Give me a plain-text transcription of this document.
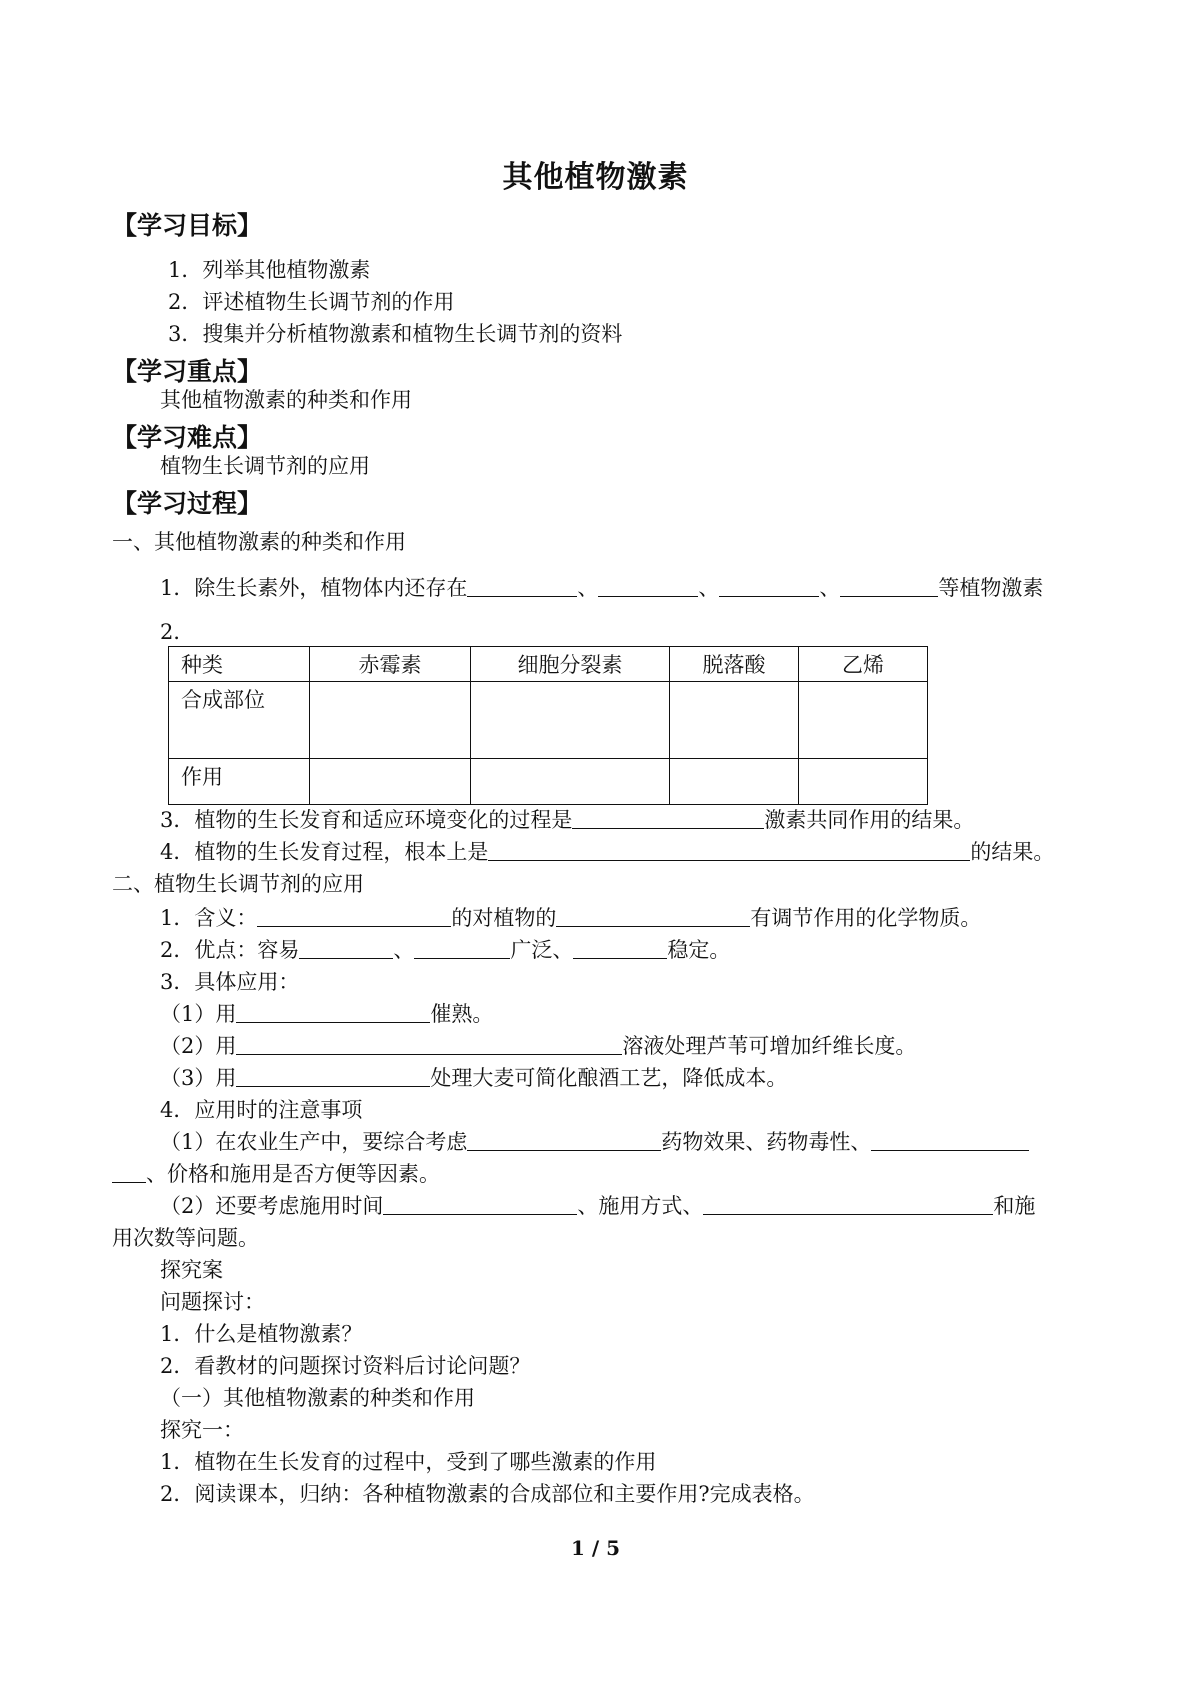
其他植物激素
【学习目标】
1．列举其他植物激素
2．评述植物生长调节剂的作用
3．搜集并分析植物激素和植物生长调节剂的资料
【学习重点】
其他植物激素的种类和作用
【学习难点】
植物生长调节剂的应用
【学习过程】
一、其他植物激素的种类和作用
1．除生长素外，植物体内还存在	、	、	、	等植物激素
2．
种类	赤霉素	细胞分裂素	脱落酸	乙烯
合成部位				
作用				
3．植物的生长发育和适应环境变化的过程是	激素共同作用的结果。
4．植物的生长发育过程，根本上是	的结果。
二、植物生长调节剂的应用
1．含义：	的对植物的	有调节作用的化学物质。
2．优点：容易	、	广泛、	稳定。
3．具体应用：
（1）用	催熟。
（2）用	溶液处理芦苇可增加纤维长度。
（3）用	处理大麦可简化酿酒工艺，降低成本。
4．应用时的注意事项
（1）在农业生产中，要综合考虑	药物效果、药物毒性、
、价格和施用是否方便等因素。
（2）还要考虑施用时间	、施用方式、	和施
用次数等问题。
探究案
问题探讨：
1．什么是植物激素？
2．看教材的问题探讨资料后讨论问题？
（一）其他植物激素的种类和作用
探究一：
1．植物在生长发育的过程中，受到了哪些激素的作用
2．阅读课本，归纳：各种植物激素的合成部位和主要作用?完成表格。
1 / 5
